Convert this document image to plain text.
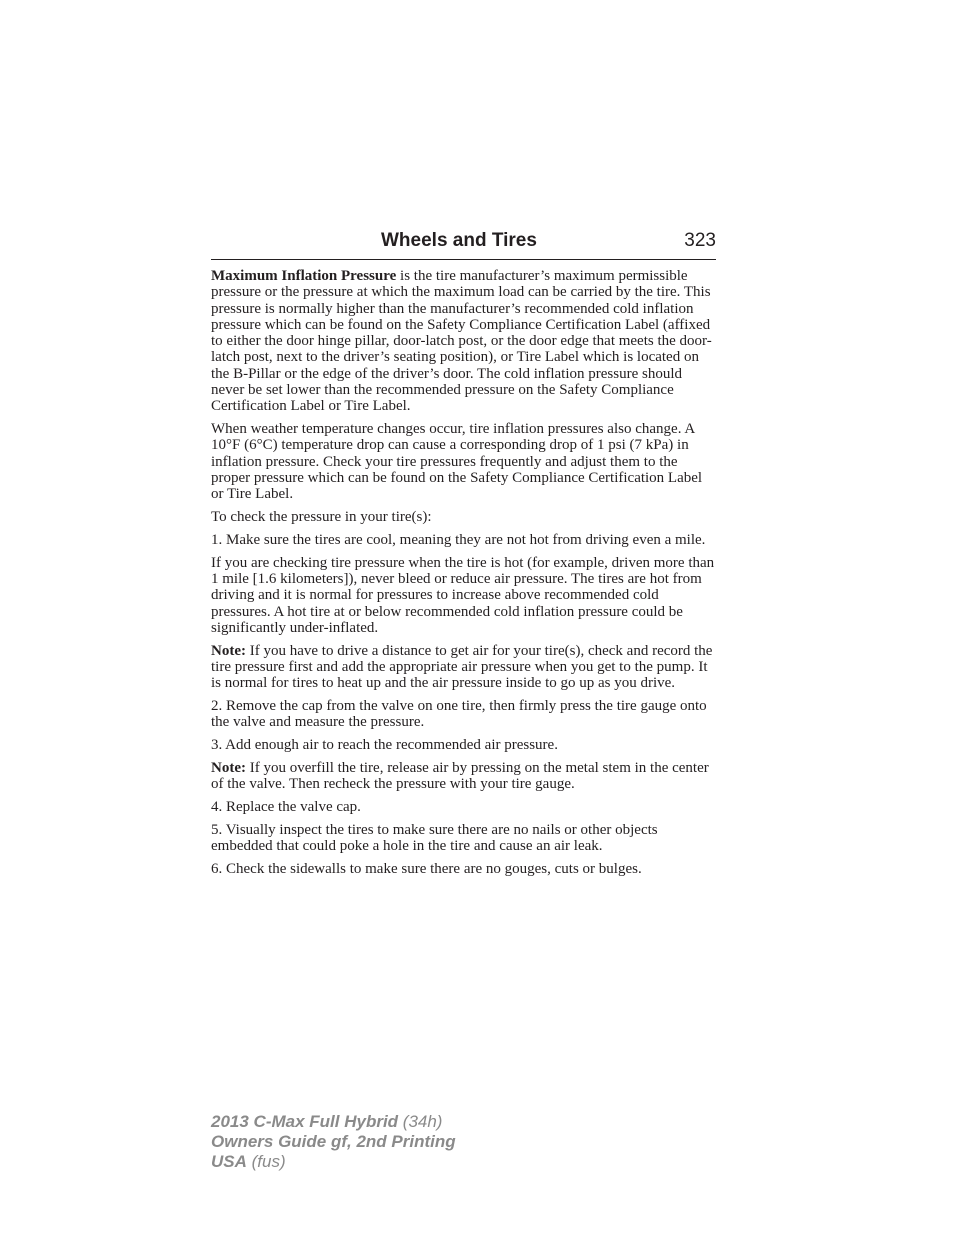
Wheels and Tires	323

Maximum Inflation Pressure is the tire manufacturer’s maximum permissible pressure or the pressure at which the maximum load can be carried by the tire. This pressure is normally higher than the manufacturer’s recommended cold inflation pressure which can be found on the Safety Compliance Certification Label (affixed to either the door hinge pillar, door-latch post, or the door edge that meets the door-latch post, next to the driver’s seating position), or Tire Label which is located on the B-Pillar or the edge of the driver’s door. The cold inflation pressure should never be set lower than the recommended pressure on the Safety Compliance Certification Label or Tire Label.

When weather temperature changes occur, tire inflation pressures also change. A 10°F (6°C) temperature drop can cause a corresponding drop of 1 psi (7 kPa) in inflation pressure. Check your tire pressures frequently and adjust them to the proper pressure which can be found on the Safety Compliance Certification Label or Tire Label.

To check the pressure in your tire(s):

1. Make sure the tires are cool, meaning they are not hot from driving even a mile.

If you are checking tire pressure when the tire is hot (for example, driven more than 1 mile [1.6 kilometers]), never bleed or reduce air pressure. The tires are hot from driving and it is normal for pressures to increase above recommended cold pressures. A hot tire at or below recommended cold inflation pressure could be significantly under-inflated.

Note: If you have to drive a distance to get air for your tire(s), check and record the tire pressure first and add the appropriate air pressure when you get to the pump. It is normal for tires to heat up and the air pressure inside to go up as you drive.

2. Remove the cap from the valve on one tire, then firmly press the tire gauge onto the valve and measure the pressure.

3. Add enough air to reach the recommended air pressure.

Note: If you overfill the tire, release air by pressing on the metal stem in the center of the valve. Then recheck the pressure with your tire gauge.

4. Replace the valve cap.

5. Visually inspect the tires to make sure there are no nails or other objects embedded that could poke a hole in the tire and cause an air leak.

6. Check the sidewalls to make sure there are no gouges, cuts or bulges.

2013 C-Max Full Hybrid (34h)
Owners Guide gf, 2nd Printing
USA (fus)
